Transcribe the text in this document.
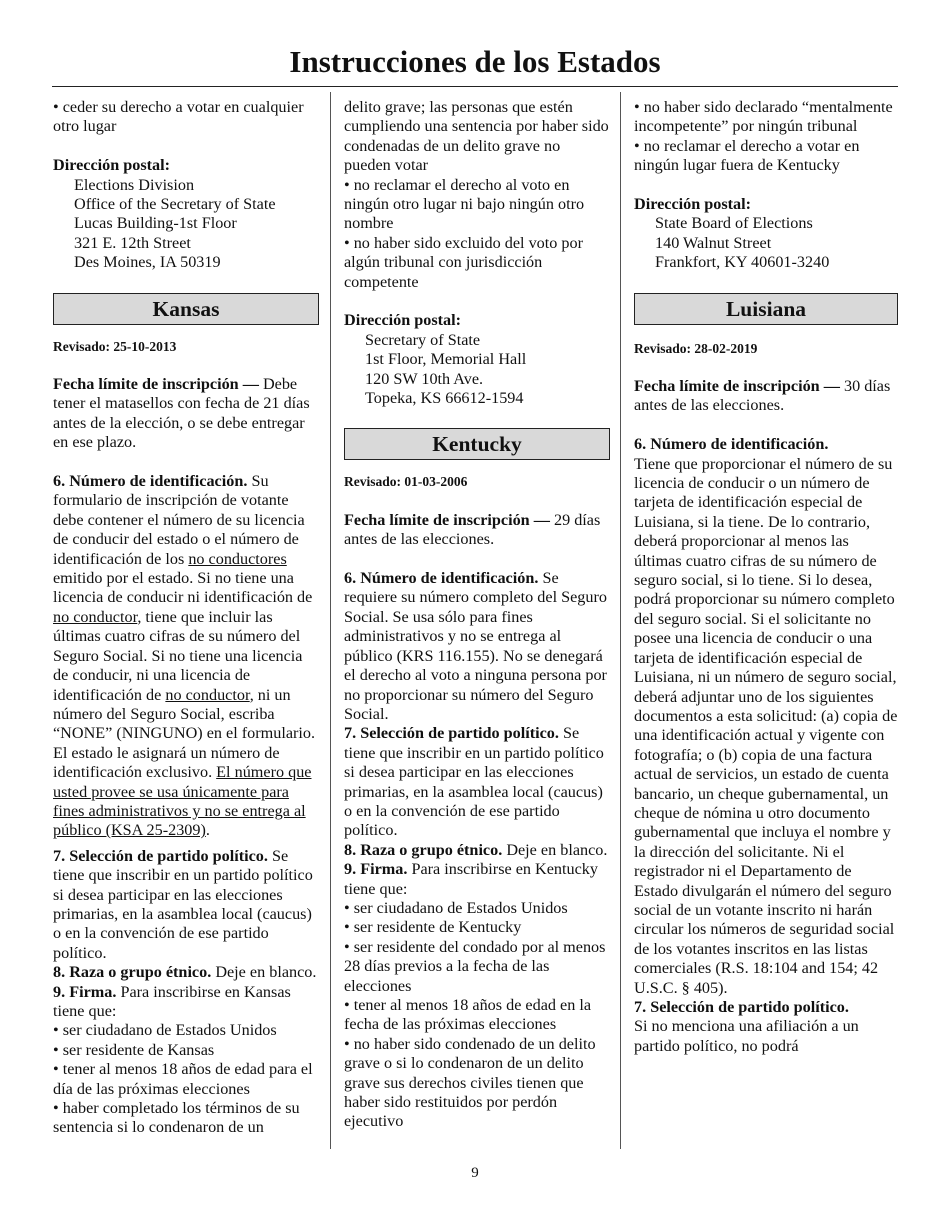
Instrucciones de los Estados

• ceder su derecho a votar en cualquier otro lugar

Dirección postal:

Elections Division
Office of the Secretary of State
Lucas Building-1st Floor
321 E. 12th Street
Des Moines, IA 50319
Kansas

Revisado: 25-10-2013

Fecha límite de inscripción — Debe tener el matasellos con fecha de 21 días antes de la elección, o se debe entregar en ese plazo.

6. Número de identificación. Su formulario de inscripción de votante debe contener el número de su licencia de conducir del estado o el número de identificación de los no conductores emitido por el estado. Si no tiene una licencia de conducir ni identificación de no conductor, tiene que incluir las últimas cuatro cifras de su número del Seguro Social. Si no tiene una licencia de conducir, ni una licencia de identificación de no conductor, ni un número del Seguro Social, escriba “NONE” (NINGUNO) en el formulario. El estado le asignará un número de identificación exclusivo. El número que usted provee se usa únicamente para fines administrativos y no se entrega al público (KSA 25-2309).

7. Selección de partido político. Se tiene que inscribir en un partido político si desea participar en las elecciones primarias, en la asamblea local (caucus) o en la convención de ese partido político.

8. Raza o grupo étnico. Deje en blanco.

9. Firma. Para inscribirse en Kansas tiene que:

• ser ciudadano de Estados Unidos

• ser residente de Kansas

• tener al menos 18 años de edad para el día de las próximas elecciones

• haber completado los términos de su sentencia si lo condenaron de un

delito grave; las personas que estén cumpliendo una sentencia por haber sido condenadas de un delito grave no pueden votar

• no reclamar el derecho al voto en ningún otro lugar ni bajo ningún otro nombre

• no haber sido excluido del voto por algún tribunal con jurisdicción competente

Dirección postal:

Secretary of State
1st Floor, Memorial Hall
120 SW 10th Ave.
Topeka, KS 66612-1594
Kentucky

Revisado: 01-03-2006

Fecha límite de inscripción — 29 días antes de las elecciones.

6. Número de identificación. Se requiere su número completo del Seguro Social. Se usa sólo para fines administrativos y no se entrega al público (KRS 116.155). No se denegará el derecho al voto a ninguna persona por no proporcionar su número del Seguro Social.

7. Selección de partido político. Se tiene que inscribir en un partido político si desea participar en las elecciones primarias, en la asamblea local (caucus) o en la convención de ese partido político.

8. Raza o grupo étnico. Deje en blanco.

9. Firma. Para inscribirse en Kentucky tiene que:

• ser ciudadano de Estados Unidos

• ser residente de Kentucky

• ser residente del condado por al menos 28 días previos a la fecha de las elecciones

• tener al menos 18 años de edad en la fecha de las próximas elecciones

• no haber sido condenado de un delito grave o si lo condenaron de un delito grave sus derechos civiles tienen que haber sido restituidos por perdón ejecutivo

• no haber sido declarado “mentalmente incompetente” por ningún tribunal

• no reclamar el derecho a votar en ningún lugar fuera de Kentucky

Dirección postal:

State Board of Elections
140 Walnut Street
Frankfort, KY 40601-3240
Luisiana

Revisado: 28-02-2019

Fecha límite de inscripción — 30 días antes de las elecciones.

6. Número de identificación.

Tiene que proporcionar el número de su licencia de conducir o un número de tarjeta de identificación especial de Luisiana, si la tiene. De lo contrario, deberá proporcionar al menos las últimas cuatro cifras de su número de seguro social, si lo tiene. Si lo desea, podrá proporcionar su número completo del seguro social. Si el solicitante no posee una licencia de conducir o una tarjeta de identificación especial de Luisiana, ni un número de seguro social, deberá adjuntar uno de los siguientes documentos a esta solicitud: (a) copia de una identificación actual y vigente con fotografía; o (b) copia de una factura actual de servicios, un estado de cuenta bancario, un cheque gubernamental, un cheque de nómina u otro documento gubernamental que incluya el nombre y la dirección del solicitante. Ni el registrador ni el Departamento de Estado divulgarán el número del seguro social de un votante inscrito ni harán circular los números de seguridad social de los votantes inscritos en las listas comerciales (R.S. 18:104 and 154; 42 U.S.C. § 405).

7. Selección de partido político.

Si no menciona una afiliación a un partido político, no podrá

9
